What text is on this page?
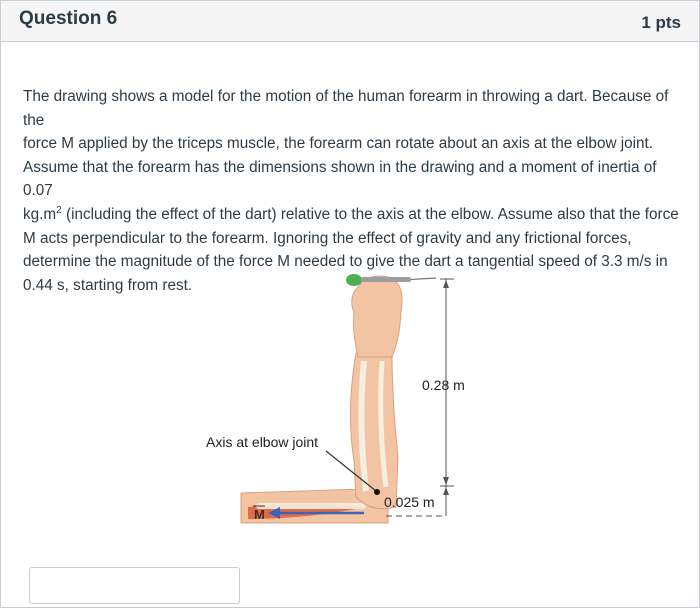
Question 6	1 pts
The drawing shows a model for the motion of the human forearm in throwing a dart. Because of the
force M applied by the triceps muscle, the forearm can rotate about an axis at the elbow joint.
Assume that the forearm has the dimensions shown in the drawing and a moment of inertia of 0.07
$kg.m^2$ (including the effect of the dart) relative to the axis at the elbow. Assume also that the force
M acts perpendicular to the forearm. Ignoring the effect of gravity and any frictional forces,
determine the magnitude of the force M needed to give the dart a tangential speed of 3.3 m/s in
0.44 s, starting from rest.
0.28 m
Axis at elbow joint
0.025 m
M
